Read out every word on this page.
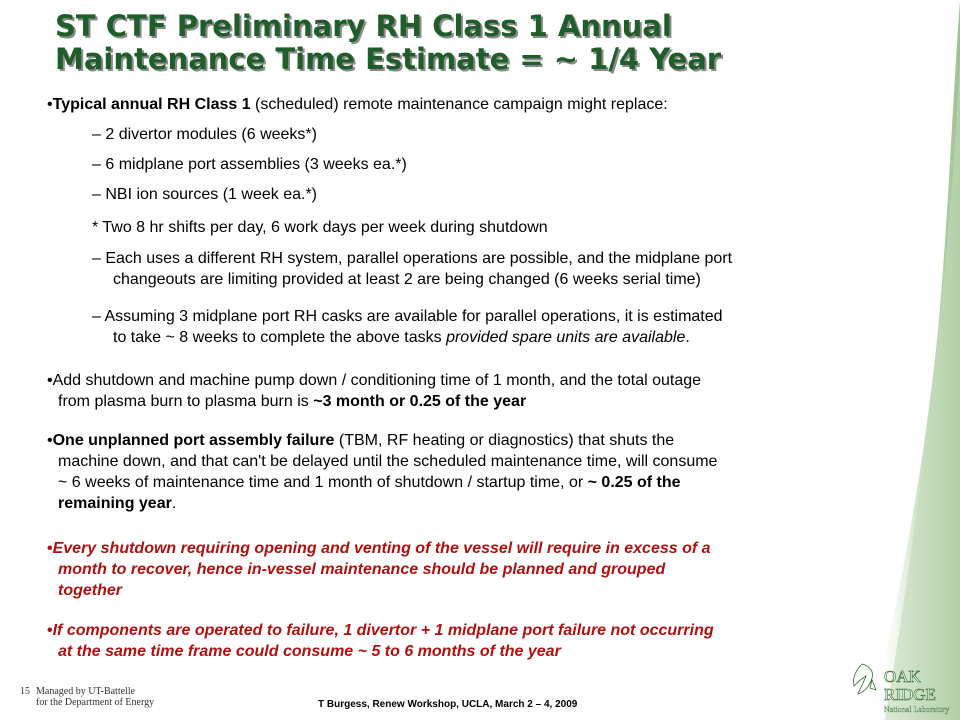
ST CTF Preliminary RH Class 1 Annual
Maintenance Time Estimate = ~ 1/4 Year
•Typical annual RH Class 1 (scheduled) remote maintenance campaign might replace:
– 2 divertor modules (6 weeks*)
– 6 midplane port assemblies (3 weeks ea.*)
– NBI ion sources (1 week ea.*)
* Two 8 hr shifts per day, 6 work days per week during shutdown
– Each uses a different RH system, parallel operations are possible, and the midplane port
changeouts are limiting provided at least 2 are being changed (6 weeks serial time)
– Assuming 3 midplane port RH casks are available for parallel operations, it is estimated
to take ~ 8 weeks to complete the above tasks provided spare units are available.
•Add shutdown and machine pump down / conditioning time of 1 month, and the total outage
from plasma burn to plasma burn is ~3 month or 0.25 of the year
•One unplanned port assembly failure (TBM, RF heating or diagnostics) that shuts the
machine down, and that can't be delayed until the scheduled maintenance time, will consume
~ 6 weeks of maintenance time and 1 month of shutdown / startup time, or ~ 0.25 of the
remaining year.
•Every shutdown requiring opening and venting of the vessel will require in excess of a
month to recover, hence in-vessel maintenance should be planned and grouped
together
•If components are operated to failure, 1 divertor + 1 midplane port failure not occurring
at the same time frame could consume ~ 5 to 6 months of the year
15 Managed by UT-Battelle
for the Department of Energy	T Burgess, Renew Workshop, UCLA, March 2 – 4, 2009
OAK
RIDGE
National Laboratory
